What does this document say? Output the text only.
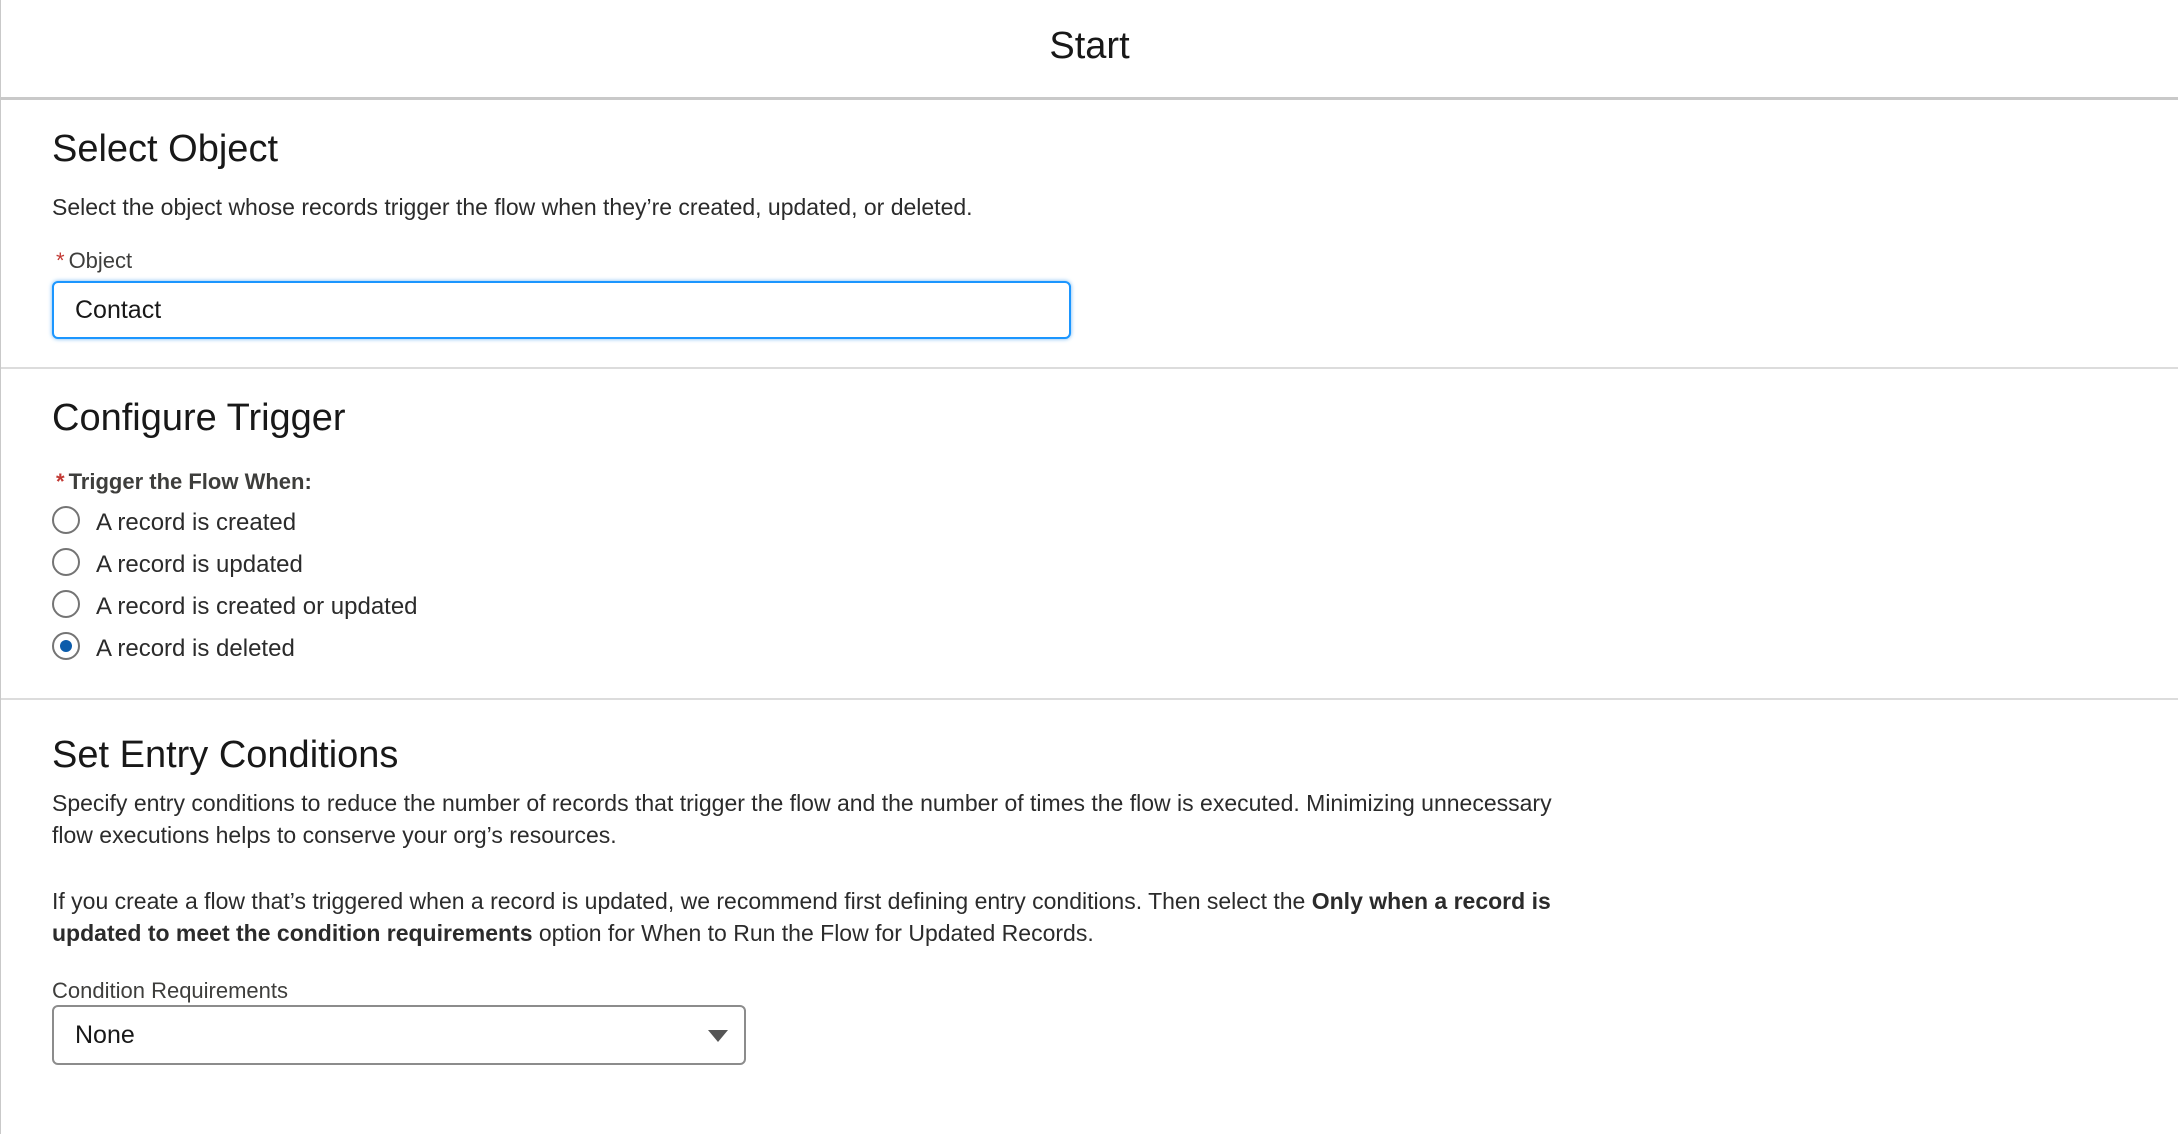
Start
Select Object
Select the object whose records trigger the flow when they’re created, updated, or deleted.
* Object
Contact
Configure Trigger
* Trigger the Flow When:
A record is created
A record is updated
A record is created or updated
A record is deleted
Set Entry Conditions
Specify entry conditions to reduce the number of records that trigger the flow and the number of times the flow is executed. Minimizing unnecessary
flow executions helps to conserve your org’s resources.
If you create a flow that’s triggered when a record is updated, we recommend first defining entry conditions. Then select the Only when a record is
updated to meet the condition requirements option for When to Run the Flow for Updated Records.
Condition Requirements
None
